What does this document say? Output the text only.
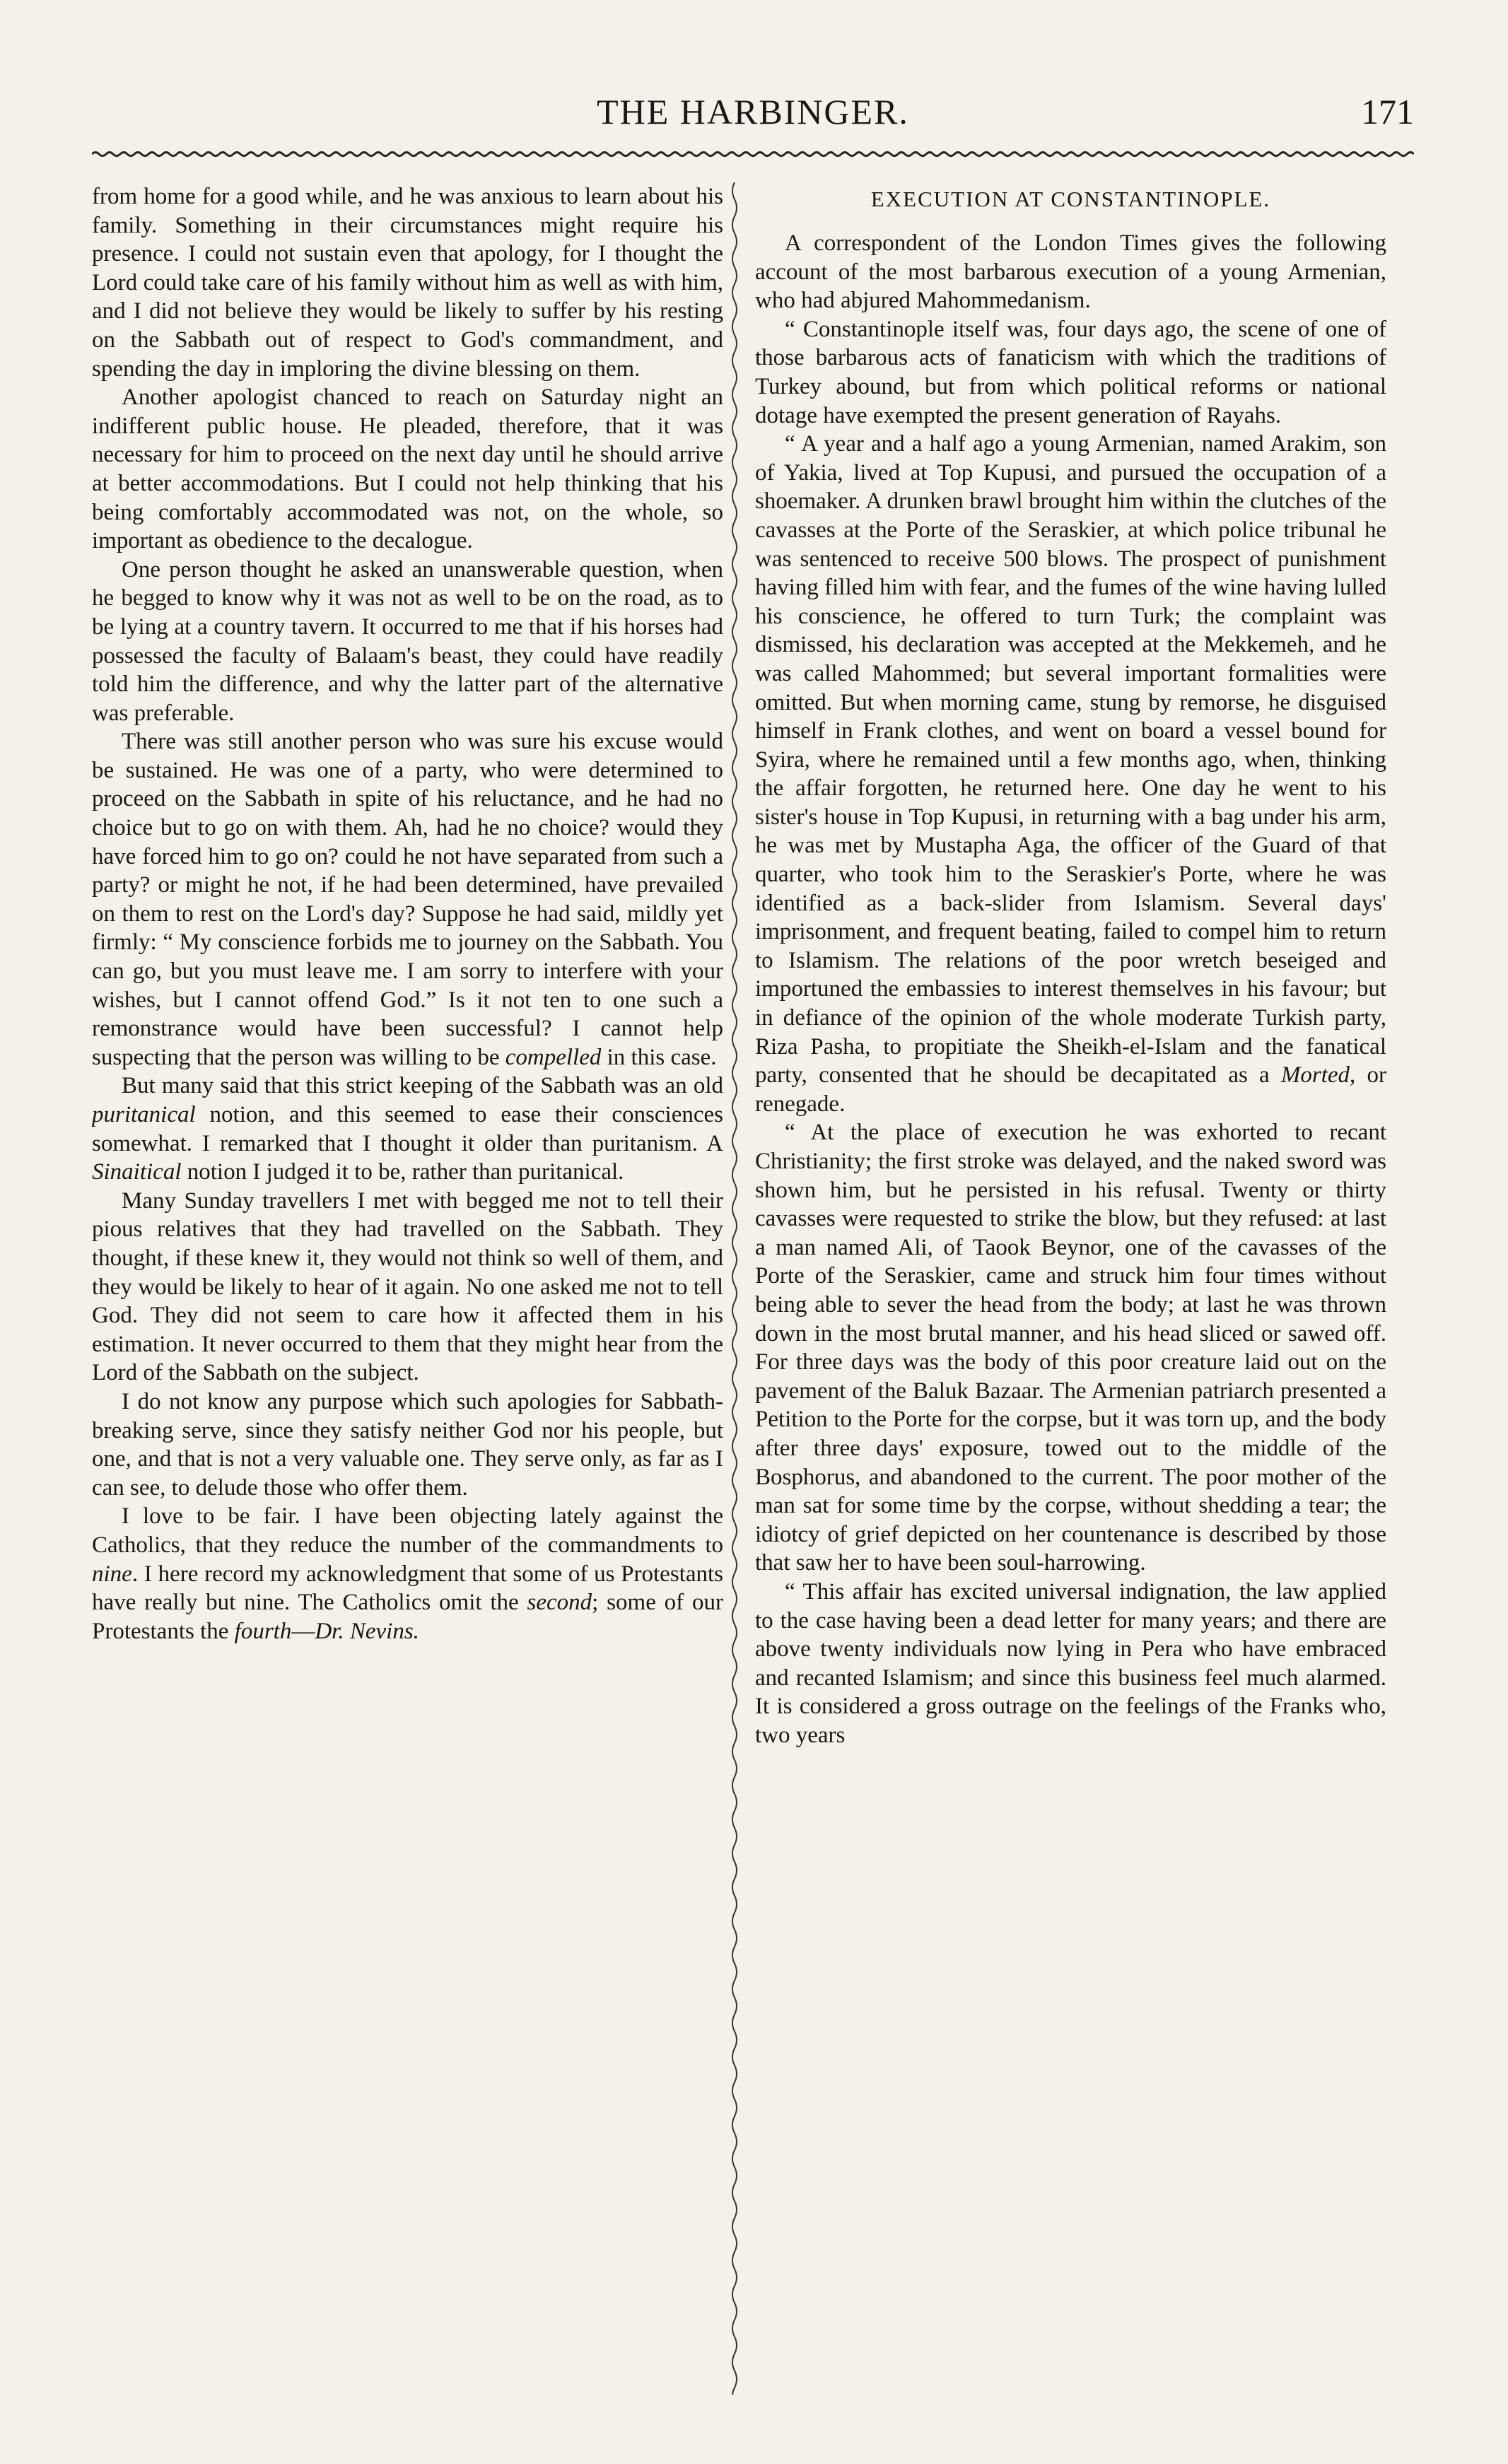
THE HARBINGER.	171

from home for a good while, and he was anxious to learn about his family. Something in their circumstances might require his presence. I could not sustain even that apology, for I thought the Lord could take care of his family without him as well as with him, and I did not believe they would be likely to suffer by his resting on the Sabbath out of respect to God's commandment, and spending the day in imploring the divine blessing on them.

Another apologist chanced to reach on Saturday night an indifferent public house. He pleaded, therefore, that it was necessary for him to proceed on the next day until he should arrive at better accommodations. But I could not help thinking that his being comfortably accommodated was not, on the whole, so important as obedience to the decalogue.

One person thought he asked an unanswerable question, when he begged to know why it was not as well to be on the road, as to be lying at a country tavern. It occurred to me that if his horses had possessed the faculty of Balaam's beast, they could have readily told him the difference, and why the latter part of the alternative was preferable.

There was still another person who was sure his excuse would be sustained. He was one of a party, who were determined to proceed on the Sabbath in spite of his reluctance, and he had no choice but to go on with them. Ah, had he no choice? would they have forced him to go on? could he not have separated from such a party? or might he not, if he had been determined, have prevailed on them to rest on the Lord's day? Suppose he had said, mildly yet firmly: “ My conscience forbids me to journey on the Sabbath. You can go, but you must leave me. I am sorry to interfere with your wishes, but I cannot offend God.” Is it not ten to one such a remonstrance would have been successful? I cannot help suspecting that the person was willing to be compelled in this case.

But many said that this strict keeping of the Sabbath was an old puritanical notion, and this seemed to ease their consciences somewhat. I remarked that I thought it older than puritanism. A Sinaitical notion I judged it to be, rather than puritanical.

Many Sunday travellers I met with begged me not to tell their pious relatives that they had travelled on the Sabbath. They thought, if these knew it, they would not think so well of them, and they would be likely to hear of it again. No one asked me not to tell God. They did not seem to care how it affected them in his estimation. It never occurred to them that they might hear from the Lord of the Sabbath on the subject.

I do not know any purpose which such apologies for Sabbath-breaking serve, since they satisfy neither God nor his people, but one, and that is not a very valuable one. They serve only, as far as I can see, to delude those who offer them.

I love to be fair. I have been objecting lately against the Catholics, that they reduce the number of the commandments to nine. I here record my acknowledgment that some of us Protestants have really but nine. The Catholics omit the second; some of our Protestants the fourth—Dr. Nevins.

EXECUTION AT CONSTANTINOPLE.

A correspondent of the London Times gives the following account of the most barbarous execution of a young Armenian, who had abjured Mahommedanism.

“ Constantinople itself was, four days ago, the scene of one of those barbarous acts of fanaticism with which the traditions of Turkey abound, but from which political reforms or national dotage have exempted the present generation of Rayahs.

“ A year and a half ago a young Armenian, named Arakim, son of Yakia, lived at Top Kupusi, and pursued the occupation of a shoemaker. A drunken brawl brought him within the clutches of the cavasses at the Porte of the Seraskier, at which police tribunal he was sentenced to receive 500 blows. The prospect of punishment having filled him with fear, and the fumes of the wine having lulled his conscience, he offered to turn Turk; the complaint was dismissed, his declaration was accepted at the Mekkemeh, and he was called Mahommed; but several important formalities were omitted. But when morning came, stung by remorse, he disguised himself in Frank clothes, and went on board a vessel bound for Syira, where he remained until a few months ago, when, thinking the affair forgotten, he returned here. One day he went to his sister's house in Top Kupusi, in returning with a bag under his arm, he was met by Mustapha Aga, the officer of the Guard of that quarter, who took him to the Seraskier's Porte, where he was identified as a back-slider from Islamism. Several days' imprisonment, and frequent beating, failed to compel him to return to Islamism. The relations of the poor wretch beseiged and importuned the embassies to interest themselves in his favour; but in defiance of the opinion of the whole moderate Turkish party, Riza Pasha, to propitiate the Sheikh-el-Islam and the fanatical party, consented that he should be decapitated as a Morted, or renegade.

“ At the place of execution he was exhorted to recant Christianity; the first stroke was delayed, and the naked sword was shown him, but he persisted in his refusal. Twenty or thirty cavasses were requested to strike the blow, but they refused: at last a man named Ali, of Taook Beynor, one of the cavasses of the Porte of the Seraskier, came and struck him four times without being able to sever the head from the body; at last he was thrown down in the most brutal manner, and his head sliced or sawed off. For three days was the body of this poor creature laid out on the pavement of the Baluk Bazaar. The Armenian patriarch presented a Petition to the Porte for the corpse, but it was torn up, and the body after three days' exposure, towed out to the middle of the Bosphorus, and abandoned to the current. The poor mother of the man sat for some time by the corpse, without shedding a tear; the idiotcy of grief depicted on her countenance is described by those that saw her to have been soul-harrowing.

“ This affair has excited universal indignation, the law applied to the case having been a dead letter for many years; and there are above twenty individuals now lying in Pera who have embraced and recanted Islamism; and since this business feel much alarmed. It is considered a gross outrage on the feelings of the Franks who, two years
